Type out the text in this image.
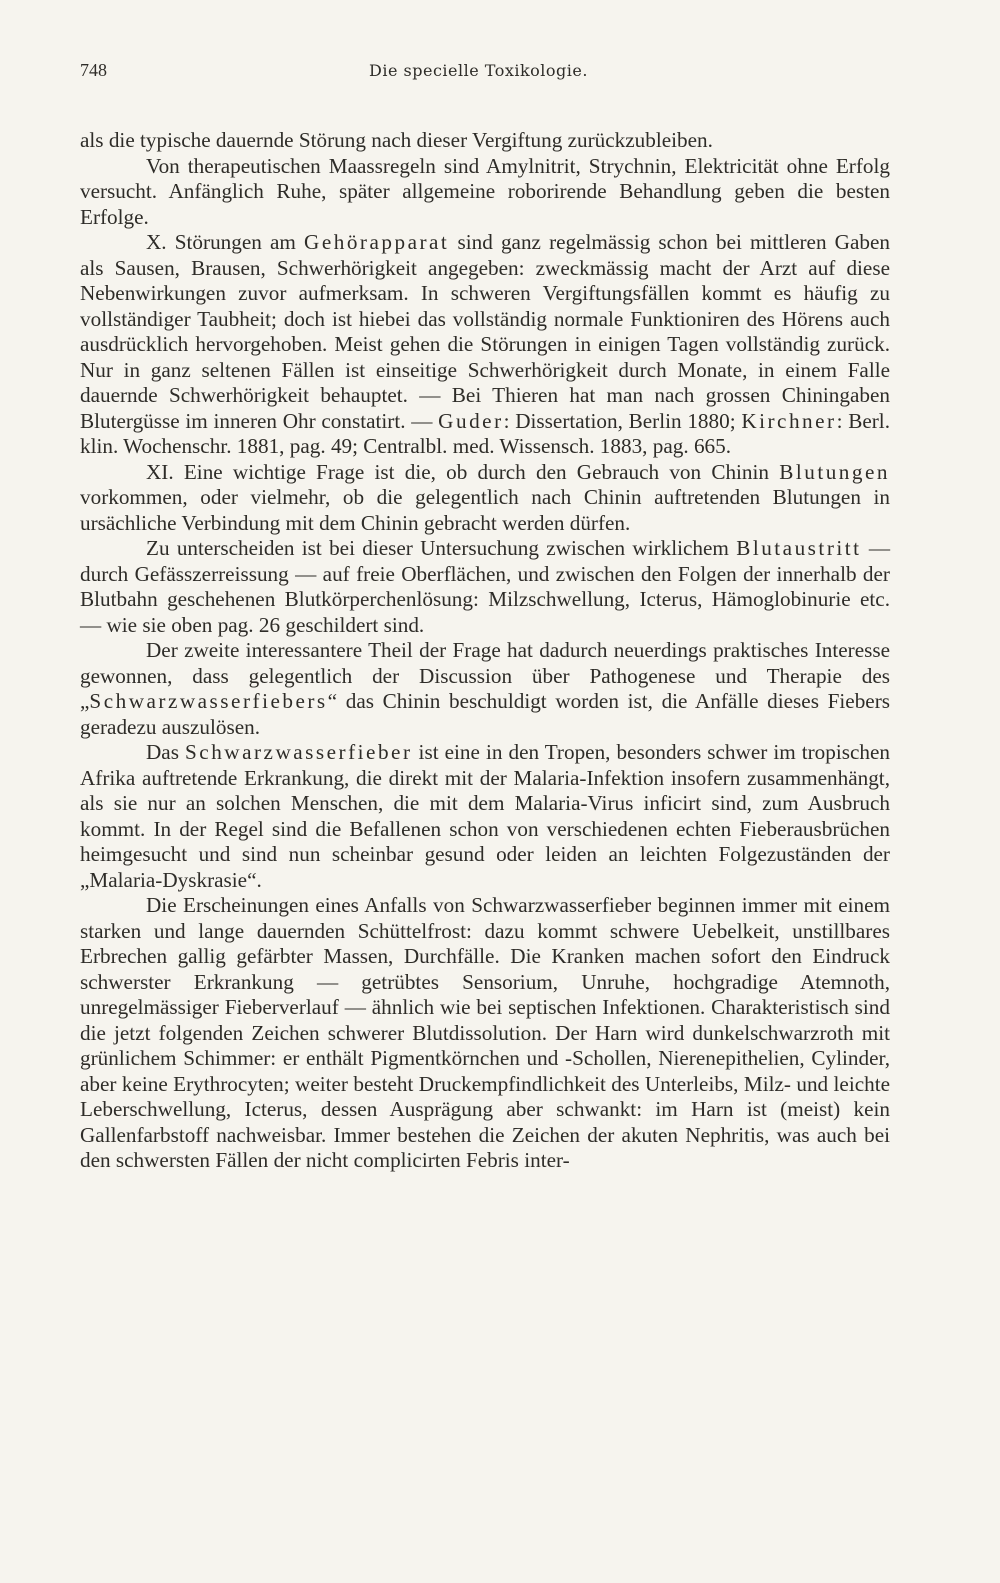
748	Die specielle Toxikologie.

als die typische dauernde Störung nach dieser Vergiftung zurückzubleiben.

Von therapeutischen Maassregeln sind Amylnitrit, Strychnin, Elektricität ohne Erfolg versucht. Anfänglich Ruhe, später allgemeine roborirende Behandlung geben die besten Erfolge.

X. Störungen am Gehörapparat sind ganz regelmässig schon bei mittleren Gaben als Sausen, Brausen, Schwerhörigkeit angegeben: zweckmässig macht der Arzt auf diese Nebenwirkungen zuvor aufmerksam. In schweren Vergiftungsfällen kommt es häufig zu vollständiger Taubheit; doch ist hiebei das vollständig normale Funktioniren des Hörens auch ausdrücklich hervorgehoben. Meist gehen die Störungen in einigen Tagen vollständig zurück. Nur in ganz seltenen Fällen ist einseitige Schwerhörigkeit durch Monate, in einem Falle dauernde Schwerhörigkeit behauptet. — Bei Thieren hat man nach grossen Chiningaben Blutergüsse im inneren Ohr constatirt. — Guder: Dissertation, Berlin 1880; Kirchner: Berl. klin. Wochenschr. 1881, pag. 49; Centralbl. med. Wissensch. 1883, pag. 665.

XI. Eine wichtige Frage ist die, ob durch den Gebrauch von Chinin Blutungen vorkommen, oder vielmehr, ob die gelegentlich nach Chinin auftretenden Blutungen in ursächliche Verbindung mit dem Chinin gebracht werden dürfen.

Zu unterscheiden ist bei dieser Untersuchung zwischen wirklichem Blutaustritt — durch Gefässzerreissung — auf freie Oberflächen, und zwischen den Folgen der innerhalb der Blutbahn geschehenen Blutkörperchenlösung: Milzschwellung, Icterus, Hämoglobinurie etc. — wie sie oben pag. 26 geschildert sind.

Der zweite interessantere Theil der Frage hat dadurch neuerdings praktisches Interesse gewonnen, dass gelegentlich der Discussion über Pathogenese und Therapie des „Schwarzwasserfiebers“ das Chinin beschuldigt worden ist, die Anfälle dieses Fiebers geradezu auszulösen.

Das Schwarzwasserfieber ist eine in den Tropen, besonders schwer im tropischen Afrika auftretende Erkrankung, die direkt mit der Malaria-Infektion insofern zusammenhängt, als sie nur an solchen Menschen, die mit dem Malaria-Virus inficirt sind, zum Ausbruch kommt. In der Regel sind die Befallenen schon von verschiedenen echten Fieberausbrüchen heimgesucht und sind nun scheinbar gesund oder leiden an leichten Folgezuständen der „Malaria-Dyskrasie“.

Die Erscheinungen eines Anfalls von Schwarzwasserfieber beginnen immer mit einem starken und lange dauernden Schüttelfrost: dazu kommt schwere Uebelkeit, unstillbares Erbrechen gallig gefärbter Massen, Durchfälle. Die Kranken machen sofort den Eindruck schwerster Erkrankung — getrübtes Sensorium, Unruhe, hochgradige Atemnoth, unregelmässiger Fieberverlauf — ähnlich wie bei septischen Infektionen. Charakteristisch sind die jetzt folgenden Zeichen schwerer Blutdissolution. Der Harn wird dunkelschwarzroth mit grünlichem Schimmer: er enthält Pigmentkörnchen und -Schollen, Nierenepithelien, Cylinder, aber keine Erythrocyten; weiter besteht Druckempfindlichkeit des Unterleibs, Milz- und leichte Leberschwellung, Icterus, dessen Ausprägung aber schwankt: im Harn ist (meist) kein Gallenfarbstoff nachweisbar. Immer bestehen die Zeichen der akuten Nephritis, was auch bei den schwersten Fällen der nicht complicirten Febris inter-
